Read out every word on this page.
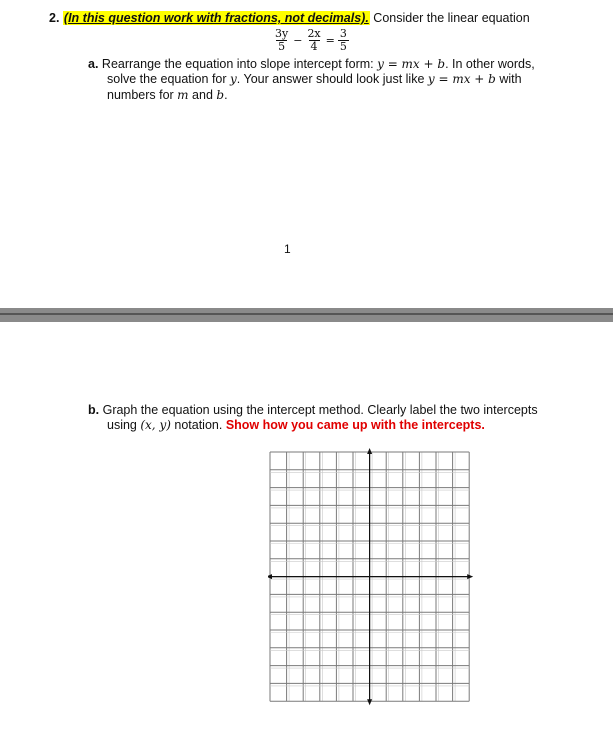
2. (In this question work with fractions, not decimals). Consider the linear equation
$\frac{3y}{5} - \frac{2x}{4} = \frac{3}{5}$
a. Rearrange the equation into slope intercept form: y = mx + b. In other words,
solve the equation for y. Your answer should look just like y = mx + b with
numbers for m and b.
1
b. Graph the equation using the intercept method. Clearly label the two intercepts
using (x, y) notation. Show how you came up with the intercepts.
